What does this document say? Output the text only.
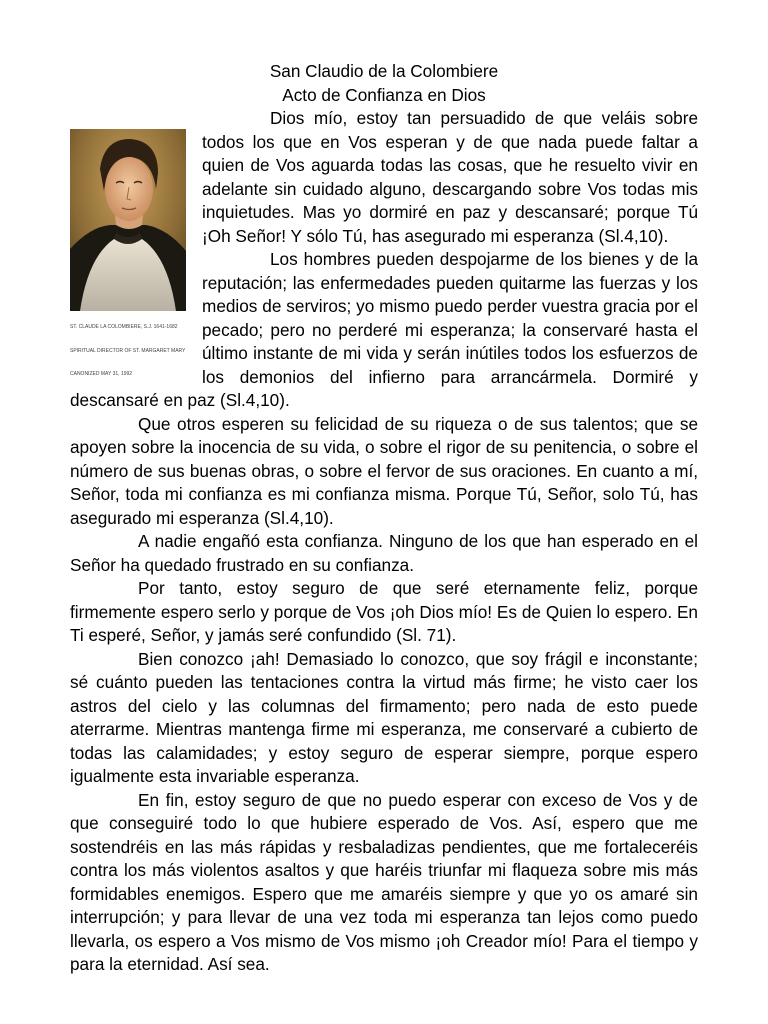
San Claudio de la Colombiere

Acto de Confianza en Dios

ST. CLAUDE LA COLOMBIERE, S.J. 1641-1682
SPIRITUAL DIRECTOR OF ST. MARGARET MARY
CANONIZED MAY 31, 1992
Dios mío, estoy tan persuadido de que veláis sobre todos los que en Vos esperan y de que nada puede faltar a quien de Vos aguarda todas las cosas, que he resuelto vivir en adelante sin cuidado alguno, descargando sobre Vos todas mis inquietudes. Mas yo dormiré en paz y descansaré; porque Tú ¡Oh Señor! Y sólo Tú, has asegurado mi esperanza (Sl.4,10).

Los hombres pueden despojarme de los bienes y de la reputación; las enfermedades pueden quitarme las fuerzas y los medios de serviros; yo mismo puedo perder vuestra gracia por el pecado; pero no perderé mi esperanza; la conservaré hasta el último instante de mi vida y serán inútiles todos los esfuerzos de los demonios del infierno para arrancármela. Dormiré y descansaré en paz (Sl.4,10).

Que otros esperen su felicidad de su riqueza o de sus talentos; que se apoyen sobre la inocencia de su vida, o sobre el rigor de su penitencia, o sobre el número de sus buenas obras, o sobre el fervor de sus oraciones. En cuanto a mí, Señor, toda mi confianza es mi confianza misma. Porque Tú, Señor, solo Tú, has asegurado mi esperanza (Sl.4,10).

A nadie engañó esta confianza. Ninguno de los que han esperado en el Señor ha quedado frustrado en su confianza.

Por tanto, estoy seguro de que seré eternamente feliz, porque firmemente espero serlo y porque de Vos ¡oh Dios mío! Es de Quien lo espero. En Ti esperé, Señor, y jamás seré confundido (Sl. 71).

Bien conozco ¡ah! Demasiado lo conozco, que soy frágil e inconstante; sé cuánto pueden las tentaciones contra la virtud más firme; he visto caer los astros del cielo y las columnas del firmamento; pero nada de esto puede aterrarme. Mientras mantenga firme mi esperanza, me conservaré a cubierto de todas las calamidades; y estoy seguro de esperar siempre, porque espero igualmente esta invariable esperanza.

En fin, estoy seguro de que no puedo esperar con exceso de Vos y de que conseguiré todo lo que hubiere esperado de Vos. Así, espero que me sostendréis en las más rápidas y resbaladizas pendientes, que me fortaleceréis contra los más violentos asaltos y que haréis triunfar mi flaqueza sobre mis más formidables enemigos. Espero que me amaréis siempre y que yo os amaré sin interrupción; y para llevar de una vez toda mi esperanza tan lejos como puedo llevarla, os espero a Vos mismo de Vos mismo ¡oh Creador mío! Para el tiempo y para la eternidad. Así sea.
